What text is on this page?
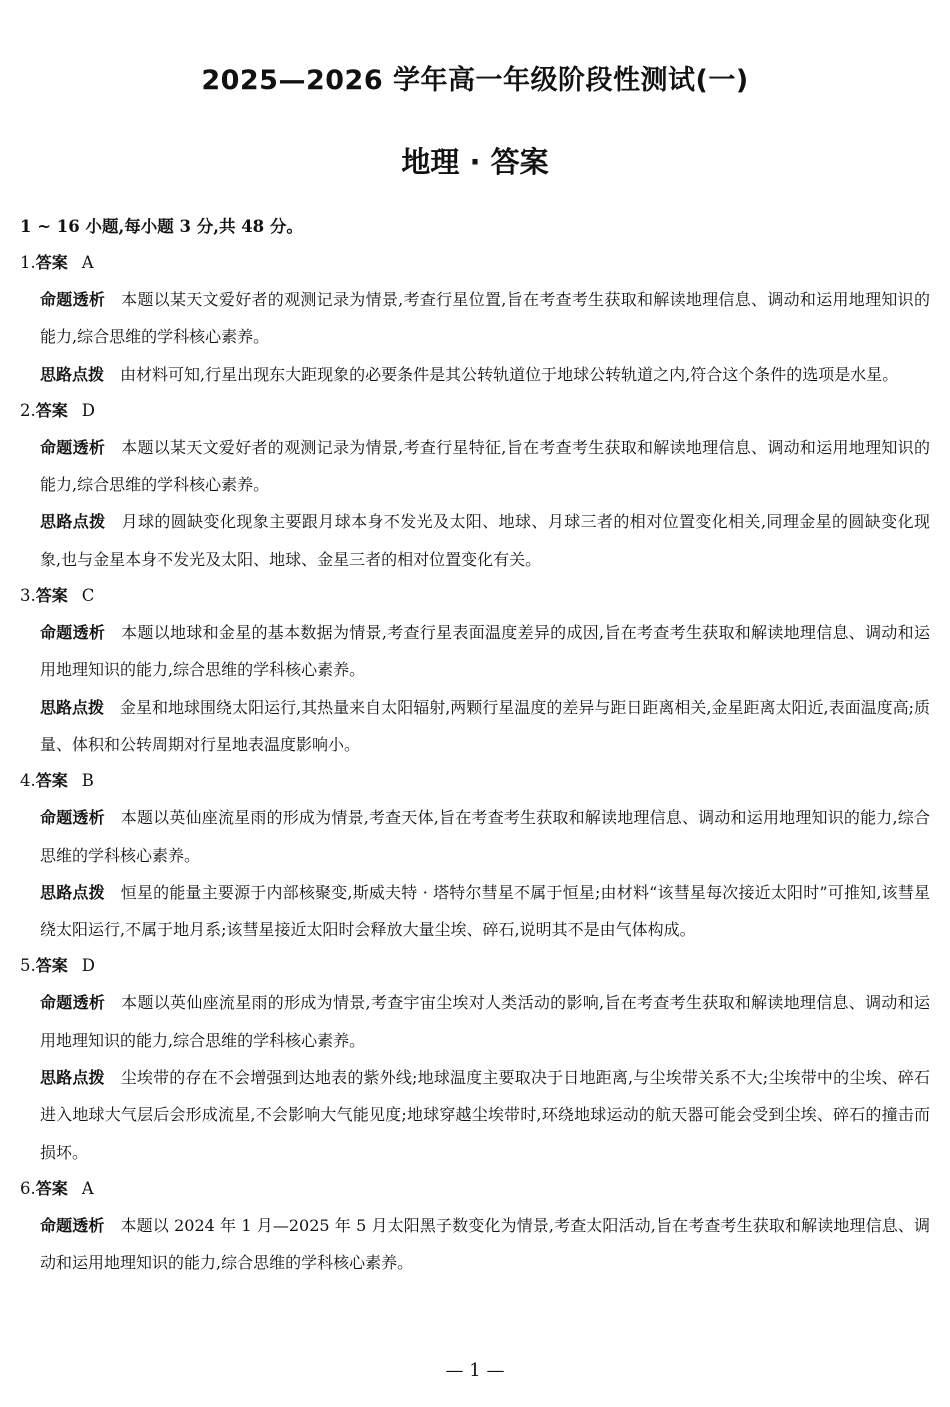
2025—2026 学年高一年级阶段性测试(一)
地理 · 答案
1 ~ 16 小题,每小题 3 分,共 48 分。
1.答案 A
命题透析 本题以某天文爱好者的观测记录为情景,考查行星位置,旨在考查考生获取和解读地理信息、调动和运用地理知识的能力,综合思维的学科核心素养。
思路点拨 由材料可知,行星出现东大距现象的必要条件是其公转轨道位于地球公转轨道之内,符合这个条件的选项是水星。
2.答案 D
命题透析 本题以某天文爱好者的观测记录为情景,考查行星特征,旨在考查考生获取和解读地理信息、调动和运用地理知识的能力,综合思维的学科核心素养。
思路点拨 月球的圆缺变化现象主要跟月球本身不发光及太阳、地球、月球三者的相对位置变化相关,同理金星的圆缺变化现象,也与金星本身不发光及太阳、地球、金星三者的相对位置变化有关。
3.答案 C
命题透析 本题以地球和金星的基本数据为情景,考查行星表面温度差异的成因,旨在考查考生获取和解读地理信息、调动和运用地理知识的能力,综合思维的学科核心素养。
思路点拨 金星和地球围绕太阳运行,其热量来自太阳辐射,两颗行星温度的差异与距日距离相关,金星距离太阳近,表面温度高;质量、体积和公转周期对行星地表温度影响小。
4.答案 B
命题透析 本题以英仙座流星雨的形成为情景,考查天体,旨在考查考生获取和解读地理信息、调动和运用地理知识的能力,综合思维的学科核心素养。
思路点拨 恒星的能量主要源于内部核聚变,斯威夫特 · 塔特尔彗星不属于恒星;由材料“该彗星每次接近太阳时”可推知,该彗星绕太阳运行,不属于地月系;该彗星接近太阳时会释放大量尘埃、碎石,说明其不是由气体构成。
5.答案 D
命题透析 本题以英仙座流星雨的形成为情景,考查宇宙尘埃对人类活动的影响,旨在考查考生获取和解读地理信息、调动和运用地理知识的能力,综合思维的学科核心素养。
思路点拨 尘埃带的存在不会增强到达地表的紫外线;地球温度主要取决于日地距离,与尘埃带关系不大;尘埃带中的尘埃、碎石进入地球大气层后会形成流星,不会影响大气能见度;地球穿越尘埃带时,环绕地球运动的航天器可能会受到尘埃、碎石的撞击而损坏。
6.答案 A
命题透析 本题以 2024 年 1 月—2025 年 5 月太阳黑子数变化为情景,考查太阳活动,旨在考查考生获取和解读地理信息、调动和运用地理知识的能力,综合思维的学科核心素养。
— 1 —
